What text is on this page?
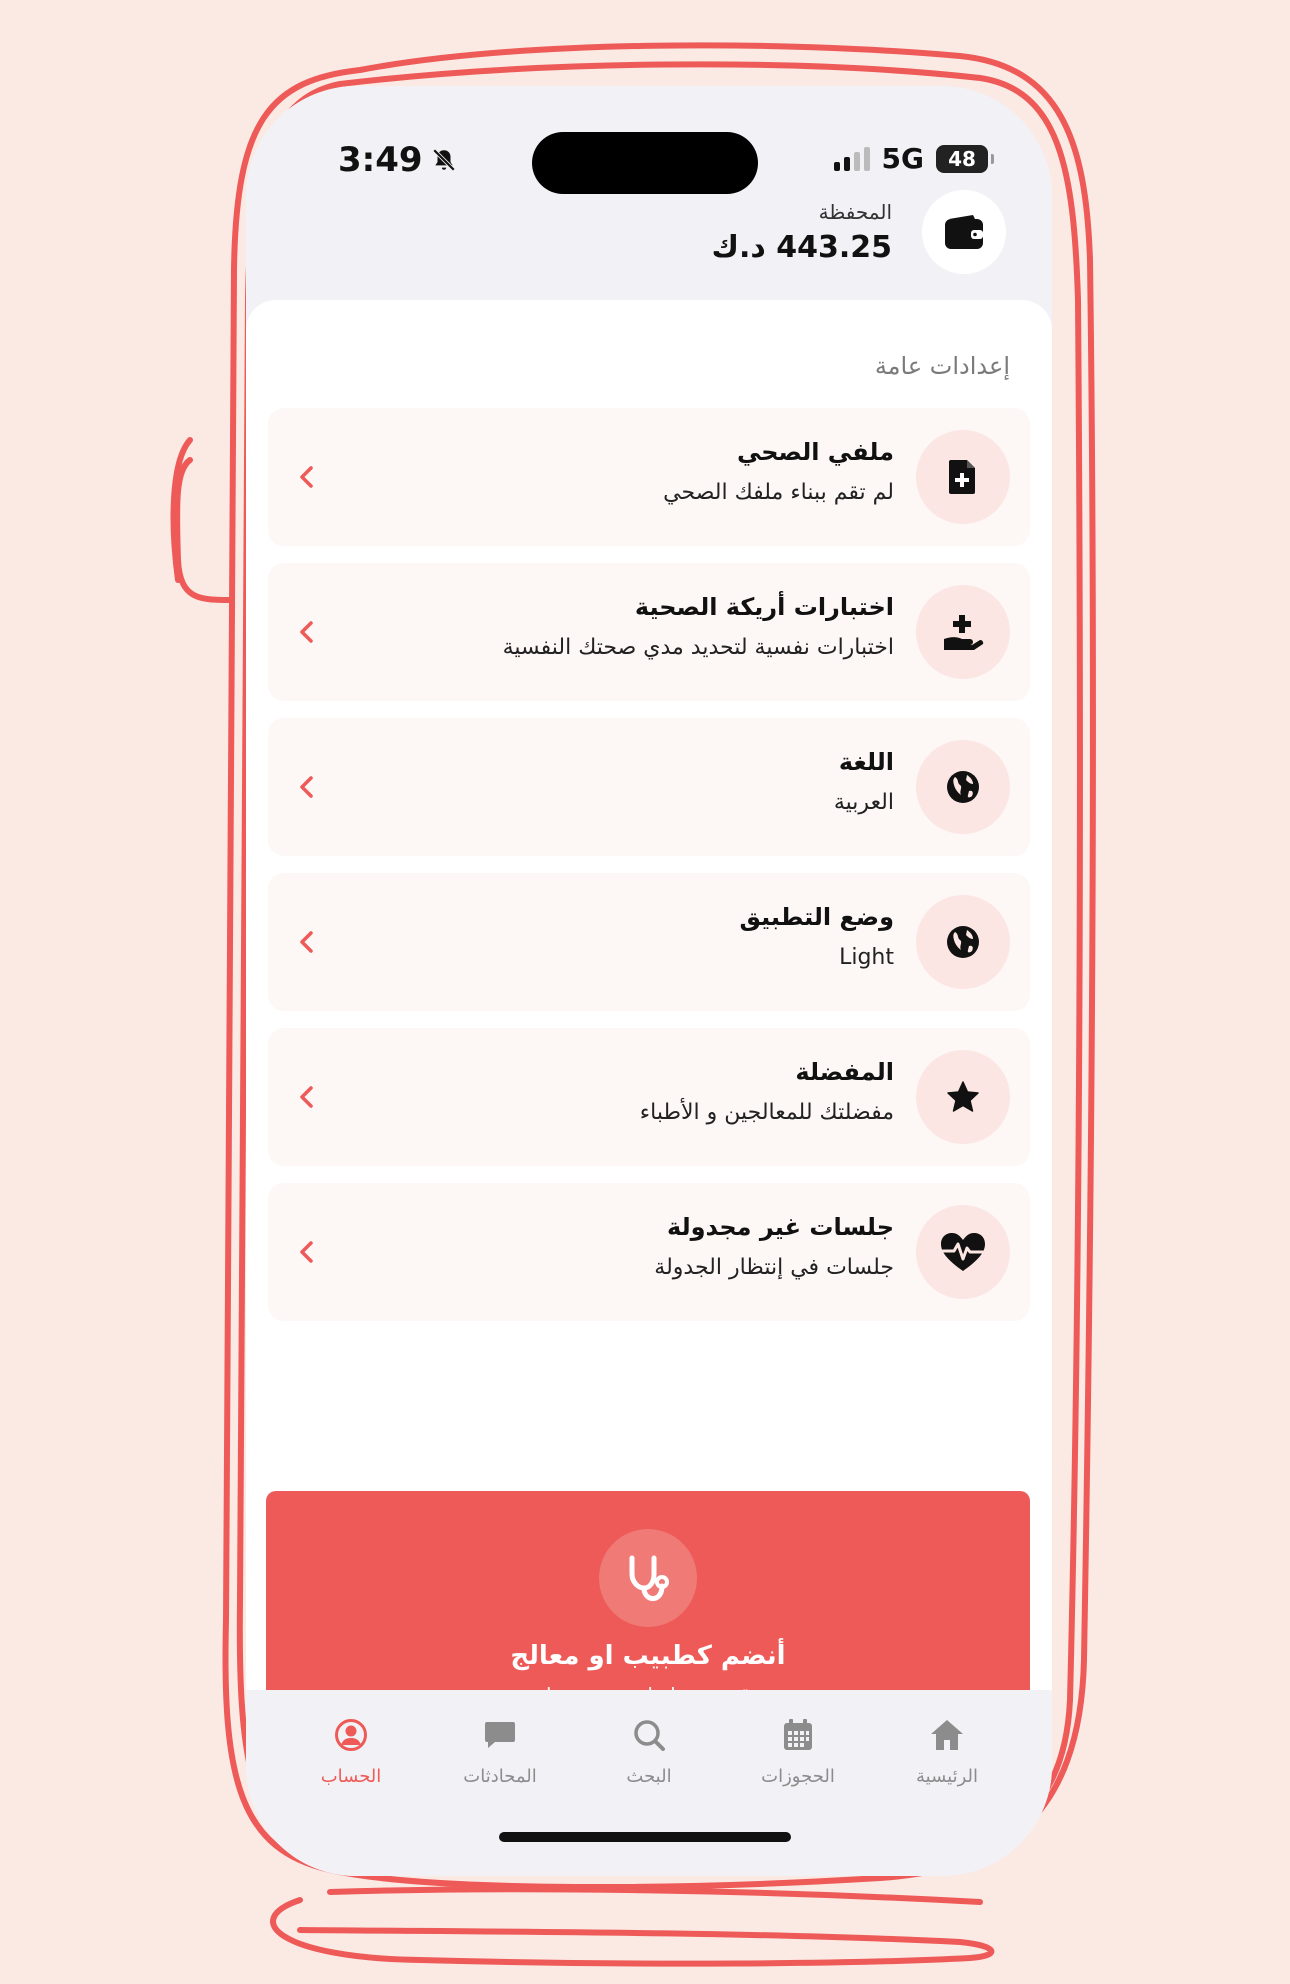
3:49	5G 48
المحفظة
443.25 د.ك
إعدادات عامة
ملفي الصحي
لم تقم ببناء ملفك الصحي
اختبارات أريكة الصحية
اختبارات نفسية لتحديد مدي صحتك النفسية
اللغة
العربية
وضع التطبيق
Light
المفضلة
مفضلتك للمعالجين و الأطباء
جلسات غير مجدولة
جلسات في إنتظار الجدولة
أنضم كطبيب او معالج
الحساب	المحادثات	البحث	الحجوزات	الرئيسية
